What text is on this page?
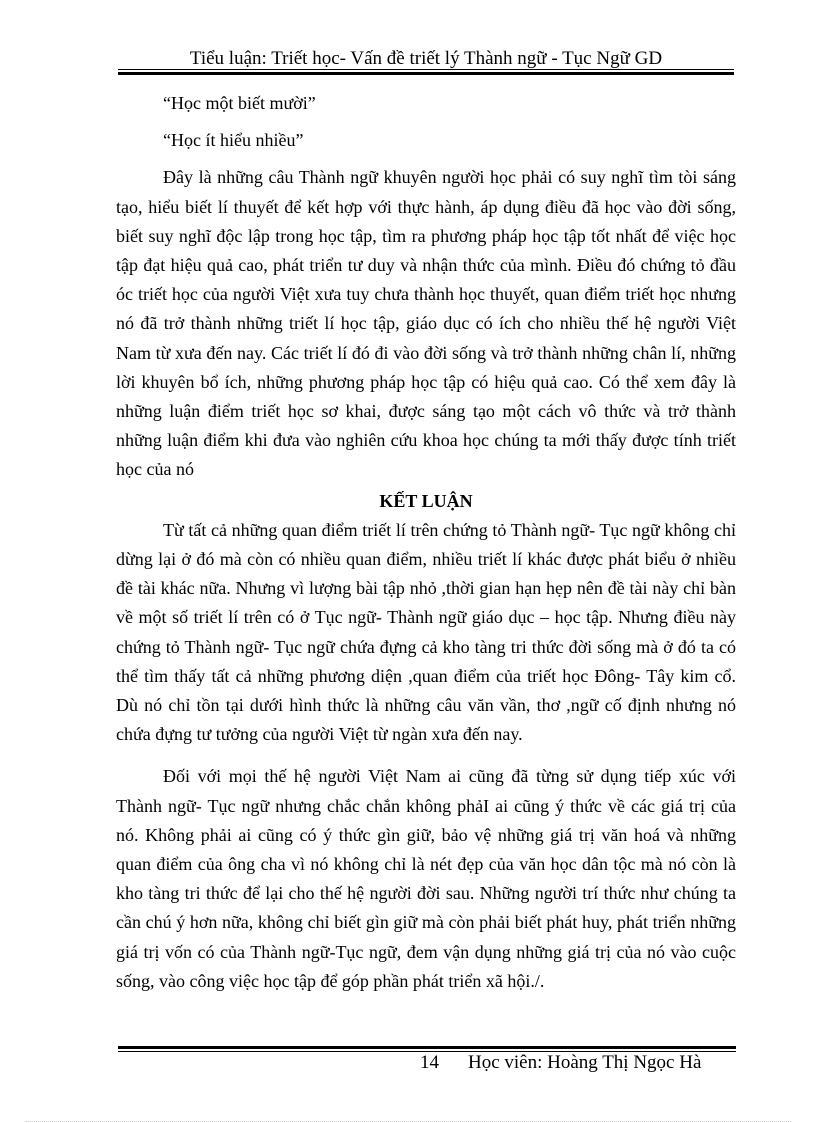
Tiểu luận: Triết học- Vấn đề triết lý Thành ngữ - Tục Ngữ GD

“Học một biết mười”

“Học ít hiểu nhiều”

Đây là những câu Thành ngữ khuyên người học phải có suy nghĩ tìm tòi sáng tạo, hiểu biết lí thuyết để kết hợp với thực hành, áp dụng điều đã học vào đời sống, biết suy nghĩ độc lập trong học tập, tìm ra phương pháp học tập tốt nhất để việc học tập đạt hiệu quả cao, phát triển tư duy và nhận thức của mình. Điều đó chứng tỏ đầu óc triết học của người Việt xưa tuy chưa thành học thuyết, quan điểm triết học nhưng nó đã trở thành những triết lí học tập, giáo dục có ích cho nhiều thế hệ người Việt Nam từ xưa đến nay. Các triết lí đó đi vào đời sống và trở thành những chân lí, những lời khuyên bổ ích, những phương pháp học tập có hiệu quả cao. Có thể xem đây là những luận điểm triết học sơ khai, được sáng tạo một cách vô thức và trở thành những luận điểm khi đưa vào nghiên cứu khoa học chúng ta mới thấy được tính triết học của nó

KẾT LUẬN

Từ tất cả những quan điểm triết lí trên chứng tỏ Thành ngữ- Tục ngữ không chỉ dừng lại ở đó mà còn có nhiều quan điểm, nhiều triết lí khác được phát biểu ở nhiều đề tài khác nữa. Nhưng vì lượng bài tập nhỏ ,thời gian hạn hẹp nên đề tài này chỉ bàn về một số triết lí trên có ở Tục ngữ- Thành ngữ giáo dục – học tập. Nhưng điều này chứng tỏ Thành ngữ- Tục ngữ chứa đựng cả kho tàng tri thức đời sống mà ở đó ta có thể tìm thấy tất cả những phương diện ,quan điểm của triết học Đông- Tây kim cổ. Dù nó chỉ tồn tại dưới hình thức là những câu văn vần, thơ ,ngữ cố định nhưng nó chứa đựng tư tưởng của người Việt từ ngàn xưa đến nay.

Đối với mọi thế hệ người Việt Nam ai cũng đã từng sử dụng tiếp xúc với Thành ngữ- Tục ngữ nhưng chắc chắn không phảI ai cũng ý thức về các giá trị của nó. Không phải ai cũng có ý thức gìn giữ, bảo vệ những giá trị văn hoá và những quan điểm của ông cha vì nó không chỉ là nét đẹp của văn học dân tộc mà nó còn là kho tàng tri thức để lại cho thế hệ người đời sau. Những người trí thức như chúng ta cần chú ý hơn nữa, không chỉ biết gìn giữ mà còn phải biết phát huy, phát triển những giá trị vốn có của Thành ngữ-Tục ngữ, đem vận dụng những giá trị của nó vào cuộc sống, vào công việc học tập để góp phần phát triển xã hội./.

14 Học viên: Hoàng Thị Ngọc Hà
